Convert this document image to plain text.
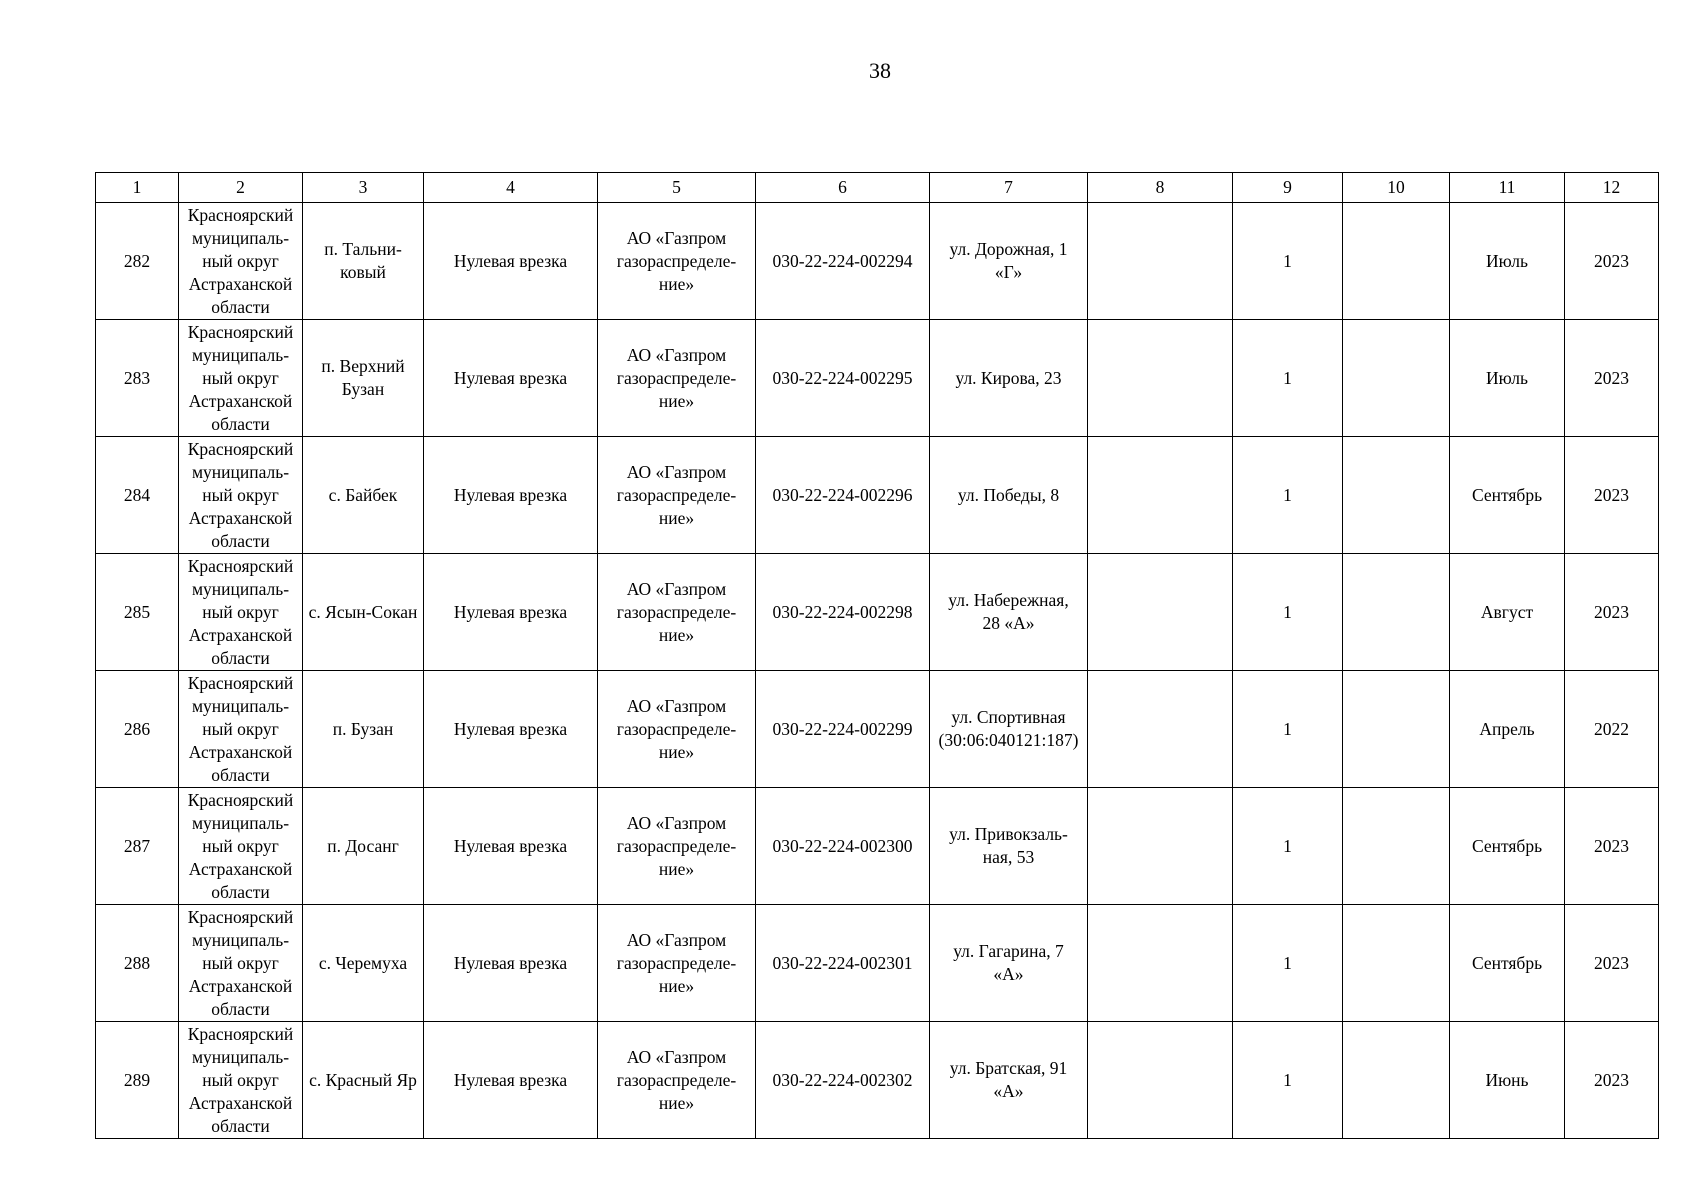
38
1	2	3	4	5	6	7	8	9	10	11	12
282	Красноярский
муниципаль-
ный округ
Астраханской
области	п. Тальни-
ковый	Нулевая врезка	АО «Газпром
газораспределе-
ние»	030-22-224-002294	ул. Дорожная, 1
«Г»		1		Июль	2023
283	Красноярский
муниципаль-
ный округ
Астраханской
области	п. Верхний
Бузан	Нулевая врезка	АО «Газпром
газораспределе-
ние»	030-22-224-002295	ул. Кирова, 23		1		Июль	2023
284	Красноярский
муниципаль-
ный округ
Астраханской
области	с. Байбек	Нулевая врезка	АО «Газпром
газораспределе-
ние»	030-22-224-002296	ул. Победы, 8		1		Сентябрь	2023
285	Красноярский
муниципаль-
ный округ
Астраханской
области	с. Ясын-Сокан	Нулевая врезка	АО «Газпром
газораспределе-
ние»	030-22-224-002298	ул. Набережная,
28 «А»		1		Август	2023
286	Красноярский
муниципаль-
ный округ
Астраханской
области	п. Бузан	Нулевая врезка	АО «Газпром
газораспределе-
ние»	030-22-224-002299	ул. Спортивная
(30:06:040121:187)		1		Апрель	2022
287	Красноярский
муниципаль-
ный округ
Астраханской
области	п. Досанг	Нулевая врезка	АО «Газпром
газораспределе-
ние»	030-22-224-002300	ул. Привокзаль-
ная, 53		1		Сентябрь	2023
288	Красноярский
муниципаль-
ный округ
Астраханской
области	с. Черемуха	Нулевая врезка	АО «Газпром
газораспределе-
ние»	030-22-224-002301	ул. Гагарина, 7
«А»		1		Сентябрь	2023
289	Красноярский
муниципаль-
ный округ
Астраханской
области	с. Красный Яр	Нулевая врезка	АО «Газпром
газораспределе-
ние»	030-22-224-002302	ул. Братская, 91
«А»		1		Июнь	2023
